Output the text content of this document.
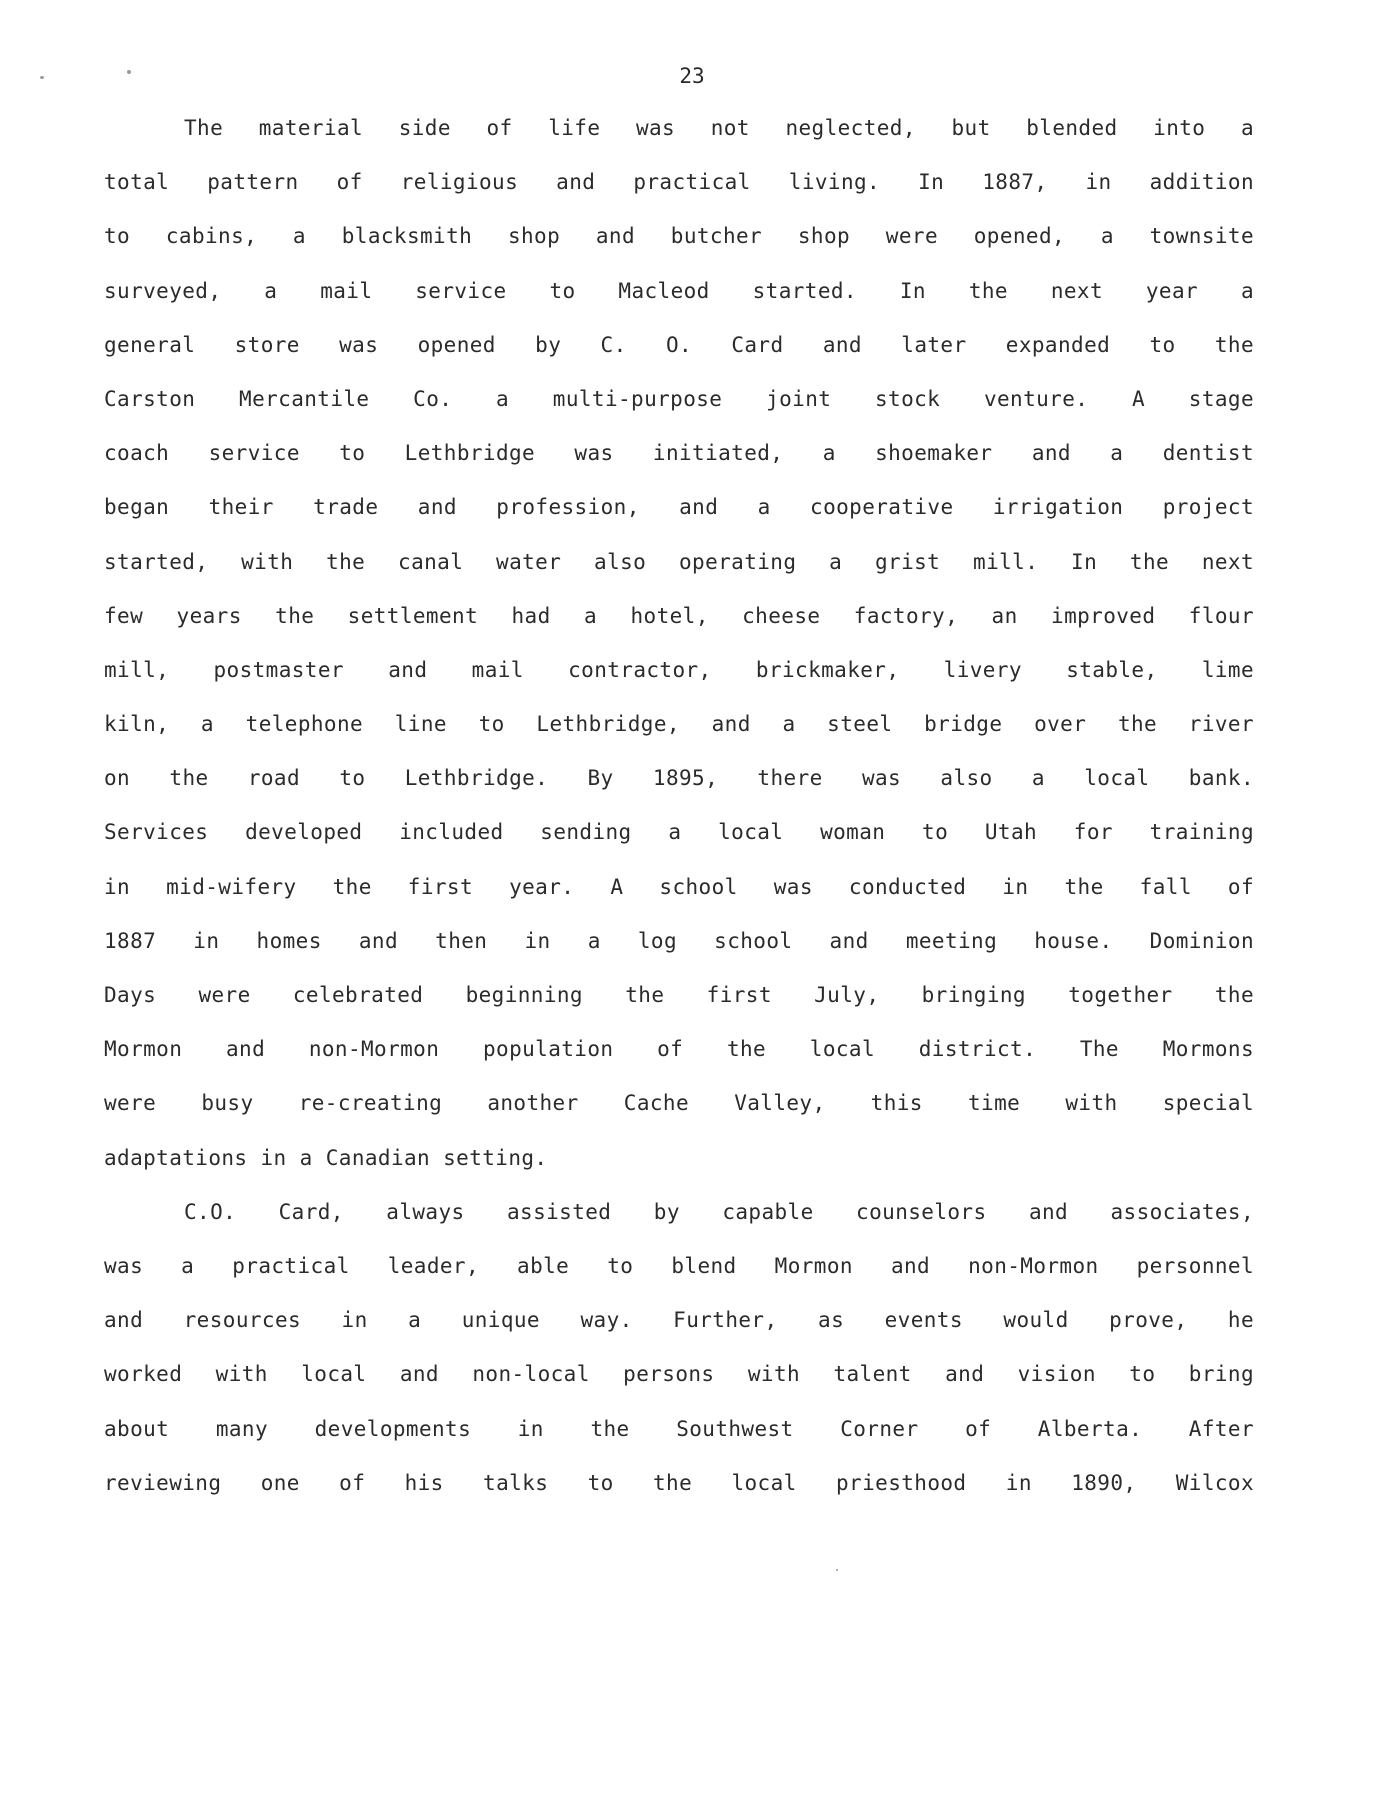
23

The material side of life was not neglected, but blended into a
total pattern of religious and practical living. In 1887, in addition
to cabins, a blacksmith shop and butcher shop were opened, a townsite
surveyed, a mail service to Macleod started. In the next year a
general store was opened by C. O. Card and later expanded to the
Carston Mercantile Co. a multi-purpose joint stock venture. A stage
coach service to Lethbridge was initiated, a shoemaker and a dentist
began their trade and profession, and a cooperative irrigation project
started, with the canal water also operating a grist mill. In the next
few years the settlement had a hotel, cheese factory, an improved flour
mill, postmaster and mail contractor, brickmaker, livery stable, lime
kiln, a telephone line to Lethbridge, and a steel bridge over the river
on the road to Lethbridge. By 1895, there was also a local bank.
Services developed included sending a local woman to Utah for training
in mid-wifery the first year. A school was conducted in the fall of
1887 in homes and then in a log school and meeting house. Dominion
Days were celebrated beginning the first July, bringing together the
Mormon and non-Mormon population of the local district. The Mormons
were busy re-creating another Cache Valley, this time with special
adaptations in a Canadian setting.
C.O. Card, always assisted by capable counselors and associates,
was a practical leader, able to blend Mormon and non-Mormon personnel
and resources in a unique way. Further, as events would prove, he
worked with local and non-local persons with talent and vision to bring
about many developments in the Southwest Corner of Alberta. After
reviewing one of his talks to the local priesthood in 1890, Wilcox
